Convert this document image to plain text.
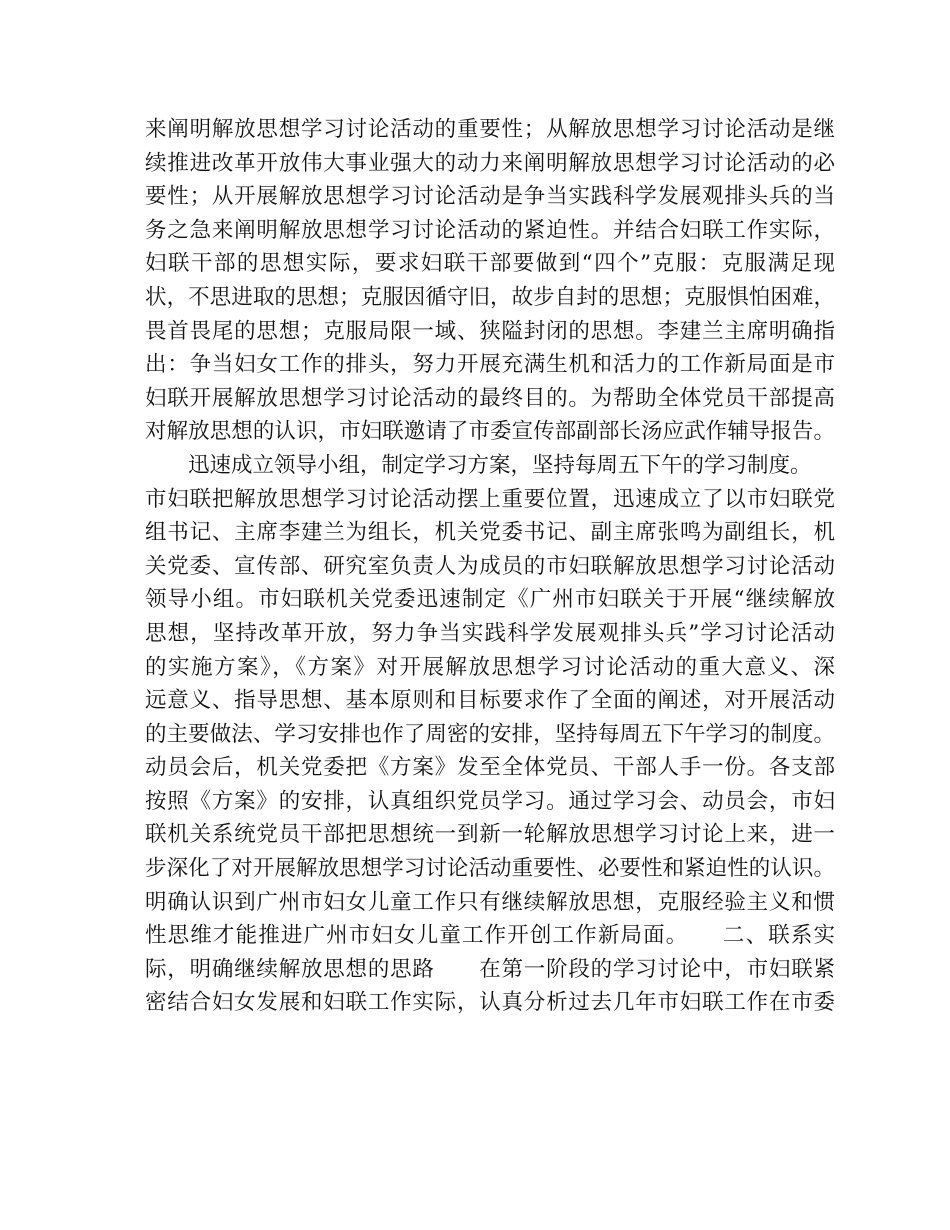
来阐明解放思想学习讨论活动的重要性；从解放思想学习讨论活动是继
续推进改革开放伟大事业强大的动力来阐明解放思想学习讨论活动的必
要性；从开展解放思想学习讨论活动是争当实践科学发展观排头兵的当
务之急来阐明解放思想学习讨论活动的紧迫性。并结合妇联工作实际，
妇联干部的思想实际，要求妇联干部要做到“四个”克服：克服满足现
状，不思进取的思想；克服因循守旧，故步自封的思想；克服惧怕困难，
畏首畏尾的思想；克服局限一域、狭隘封闭的思想。李建兰主席明确指
出：争当妇女工作的排头，努力开展充满生机和活力的工作新局面是市
妇联开展解放思想学习讨论活动的最终目的。为帮助全体党员干部提高
对解放思想的认识，市妇联邀请了市委宣传部副部长汤应武作辅导报告。
迅速成立领导小组，制定学习方案，坚持每周五下午的学习制度。
市妇联把解放思想学习讨论活动摆上重要位置，迅速成立了以市妇联党
组书记、主席李建兰为组长，机关党委书记、副主席张鸣为副组长，机
关党委、宣传部、研究室负责人为成员的市妇联解放思想学习讨论活动
领导小组。市妇联机关党委迅速制定《广州市妇联关于开展“继续解放
思想，坚持改革开放，努力争当实践科学发展观排头兵”学习讨论活动
的实施方案》，《方案》对开展解放思想学习讨论活动的重大意义、深
远意义、指导思想、基本原则和目标要求作了全面的阐述，对开展活动
的主要做法、学习安排也作了周密的安排，坚持每周五下午学习的制度。
动员会后，机关党委把《方案》发至全体党员、干部人手一份。各支部
按照《方案》的安排，认真组织党员学习。通过学习会、动员会，市妇
联机关系统党员干部把思想统一到新一轮解放思想学习讨论上来，进一
步深化了对开展解放思想学习讨论活动重要性、必要性和紧迫性的认识。
明确认识到广州市妇女儿童工作只有继续解放思想，克服经验主义和惯
性思维才能推进广州市妇女儿童工作开创工作新局面。　　二、联系实
际，明确继续解放思想的思路　　在第一阶段的学习讨论中，市妇联紧
密结合妇女发展和妇联工作实际，认真分析过去几年市妇联工作在市委
